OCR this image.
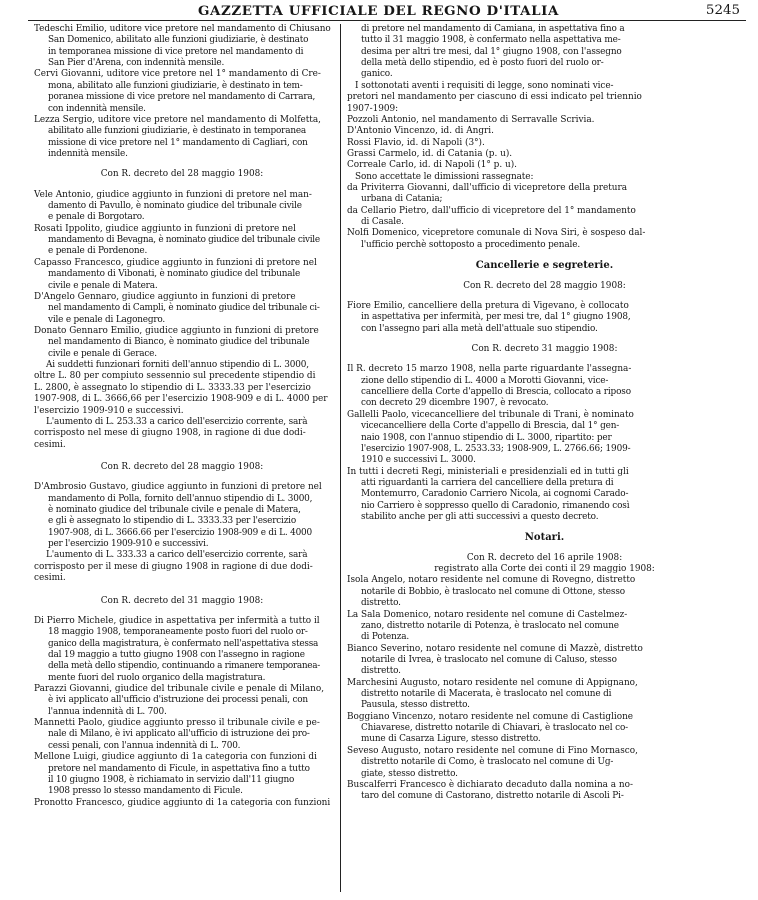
GAZZETTA UFFICIALE DEL REGNO D'ITALIA	5245

Tedeschi Emilio, uditore vice pretore nel mandamento di Chiusano

San Domenico, abilitato alle funzioni giudiziarie, è destinato

in temporanea missione di vice pretore nel mandamento di

San Pier d'Arena, con indennità mensile.

Cervi Giovanni, uditore vice pretore nel 1° mandamento di Cre-

mona, abilitato alle funzioni giudiziarie, è destinato in tem-

poranea missione di vice pretore nel mandamento di Carrara,

con indennità mensile.

Lezza Sergio, uditore vice pretore nel mandamento di Molfetta,

abilitato alle funzioni giudiziarie, è destinato in temporanea

missione di vice pretore nel 1° mandamento di Cagliari, con

indennità mensile.

Con R. decreto del 28 maggio 1908:

Vele Antonio, giudice aggiunto in funzioni di pretore nel man-

damento di Pavullo, è nominato giudice del tribunale civile

e penale di Borgotaro.

Rosati Ippolito, giudice aggiunto in funzioni di pretore nel

mandamento di Bevagna, è nominato giudice del tribunale civile

e penale di Pordenone.

Capasso Francesco, giudice aggiunto in funzioni di pretore nel

mandamento di Vibonati, è nominato giudice del tribunale

civile e penale di Matera.

D'Angelo Gennaro, giudice aggiunto in funzioni di pretore

nel mandamento di Campli, è nominato giudice del tribunale ci-

vile e penale di Lagonegro.

Donato Gennaro Emilio, giudice aggiunto in funzioni di pretore

nel mandamento di Bianco, è nominato giudice del tribunale

civile e penale di Gerace.

Ai suddetti funzionari forniti dell'annuo stipendio di L. 3000,

oltre L. 80 per compiuto sessennio sul precedente stipendio di

L. 2800, è assegnato lo stipendio di L. 3333.33 per l'esercizio

1907-908, di L. 3666,66 per l'esercizio 1908-909 e di L. 4000 per

l'esercizio 1909-910 e successivi.

L'aumento di L. 253.33 a carico dell'esercizio corrente, sarà

corrisposto nel mese di giugno 1908, in ragione di due dodi-

cesimi.

Con R. decreto del 28 maggio 1908:

D'Ambrosio Gustavo, giudice aggiunto in funzioni di pretore nel

mandamento di Polla, fornito dell'annuo stipendio di L. 3000,

è nominato giudice del tribunale civile e penale di Matera,

e gli è assegnato lo stipendio di L. 3333.33 per l'esercizio

1907-908, di L. 3666.66 per l'esercizio 1908-909 e di L. 4000

per l'esercizio 1909-910 e successivi.

L'aumento di L. 333.33 a carico dell'esercizio corrente, sarà

corrisposto per il mese di giugno 1908 in ragione di due dodi-

cesimi.

Con R. decreto del 31 maggio 1908:

Di Pierro Michele, giudice in aspettativa per infermità a tutto il

18 maggio 1908, temporaneamente posto fuori del ruolo or-

ganico della magistratura, è confermato nell'aspettativa stessa

dal 19 maggio a tutto giugno 1908 con l'assegno in ragione

della metà dello stipendio, continuando a rimanere temporanea-

mente fuori del ruolo organico della magistratura.

Parazzi Giovanni, giudice del tribunale civile e penale di Milano,

è ivi applicato all'ufficio d'istruzione dei processi penali, con

l'annua indennità di L. 700.

Mannetti Paolo, giudice aggiunto presso il tribunale civile e pe-

nale di Milano, è ivi applicato all'ufficio di istruzione dei pro-

cessi penali, con l'annua indennità di L. 700.

Mellone Luigi, giudice aggiunto di 1a categoria con funzioni di

pretore nel mandamento di Ficule, in aspettativa fino a tutto

il 10 giugno 1908, è richiamato in servizio dall'11 giugno

1908 presso lo stesso mandamento di Ficule.

Pronotto Francesco, giudice aggiunto di 1a categoria con funzioni

di pretore nel mandamento di Camiana, in aspettativa fino a

tutto il 31 maggio 1908, è confermato nella aspettativa me-

desima per altri tre mesi, dal 1° giugno 1908, con l'assegno

della metà dello stipendio, ed è posto fuori del ruolo or-

ganico.

I sottonotati aventi i requisiti di legge, sono nominati vice-

pretori nel mandamento per ciascuno di essi indicato pel triennio

1907-1909:

Pozzoli Antonio, nel mandamento di Serravalle Scrivia.

D'Antonio Vincenzo, id. di Angri.

Rossi Flavio, id. di Napoli (3°).

Grassi Carmelo, id. di Catania (p. u).

Correale Carlo, id. di Napoli (1° p. u).

Sono accettate le dimissioni rassegnate:

da Priviterra Giovanni, dall'ufficio di vicepretore della pretura

urbana di Catania;

da Cellario Pietro, dall'ufficio di vicepretore del 1° mandamento

di Casale.

Nolfi Domenico, vicepretore comunale di Nova Siri, è sospeso dal-

l'ufficio perchè sottoposto a procedimento penale.

Cancellerie e segreterie.

Con R. decreto del 28 maggio 1908:

Fiore Emilio, cancelliere della pretura di Vigevano, è collocato

in aspettativa per infermità, per mesi tre, dal 1° giugno 1908,

con l'assegno pari alla metà dell'attuale suo stipendio.

Con R. decreto 31 maggio 1908:

Il R. decreto 15 marzo 1908, nella parte riguardante l'assegna-

zione dello stipendio di L. 4000 a Morotti Giovanni, vice-

cancelliere della Corte d'appello di Brescia, collocato a riposo

con decreto 29 dicembre 1907, è revocato.

Gallelli Paolo, vicecancelliere del tribunale di Trani, è nominato

vicecancelliere della Corte d'appello di Brescia, dal 1° gen-

naio 1908, con l'annuo stipendio di L. 3000, ripartito: per

l'esercizio 1907-908, L. 2533.33; 1908-909, L. 2766.66; 1909-

1910 e successivi L. 3000.

In tutti i decreti Regi, ministeriali e presidenziali ed in tutti gli

atti riguardanti la carriera del cancelliere della pretura di

Montemurro, Caradonio Carriero Nicola, ai cognomi Carado-

nio Carriero è soppresso quello di Caradonio, rimanendo così

stabilito anche per gli atti successivi a questo decreto.

Notari.

Con R. decreto del 16 aprile 1908:

registrato alla Corte dei conti il 29 maggio 1908:

Isola Angelo, notaro residente nel comune di Rovegno, distretto

notarile di Bobbio, è traslocato nel comune di Ottone, stesso

distretto.

La Sala Domenico, notaro residente nel comune di Castelmez-

zano, distretto notarile di Potenza, è traslocato nel comune

di Potenza.

Bianco Severino, notaro residente nel comune di Mazzè, distretto

notarile di Ivrea, è traslocato nel comune di Caluso, stesso

distretto.

Marchesini Augusto, notaro residente nel comune di Appignano,

distretto notarile di Macerata, è traslocato nel comune di

Pausula, stesso distretto.

Boggiano Vincenzo, notaro residente nel comune di Castiglione

Chiavarese, distretto notarile di Chiavari, è traslocato nel co-

mune di Casarza Ligure, stesso distretto.

Seveso Augusto, notaro residente nel comune di Fino Mornasco,

distretto notarile di Como, è traslocato nel comune di Ug-

giate, stesso distretto.

Buscalferri Francesco è dichiarato decaduto dalla nomina a no-

taro del comune di Castorano, distretto notarile di Ascoli Pi-
